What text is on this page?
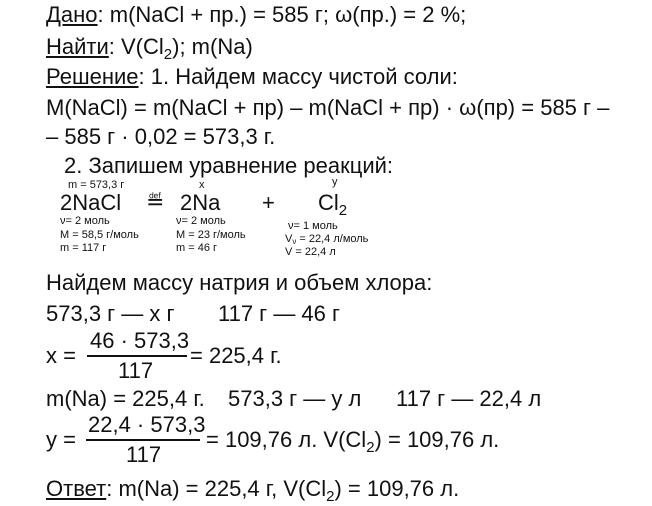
Дано: m(NaCl + пр.) = 585 г; ω(пр.) = 2 %;
Найти: $V(Cl_2)$; m(Na)
Решение: 1. Найдем массу чистой соли:
M(NaCl) = m(NaCl + пр) – m(NaCl + пр) · ω(пр) = 585 г –
– 585 г · 0,02 = 573,3 г.
2. Запишем уравнение реакций:
m = 573,3 г
2NaCl
ν= 2 моль
M = 58,5 г/моль
m = 117 г
≝
x
2Na
ν= 2 моль
M = 23 г/моль
m = 46 г
+
y
$Cl_2$
ν= 1 моль
$V_\nu = 22,4$ л/моль
V = 22,4 л
Найдем массу натрия и объем хлора:
573,3 г — х г 117 г — 46 г
x =
46 · 573,3
117
= 225,4 г.
m(Na) = 225,4 г. 573,3 г — у л 117 г — 22,4 л
y =
22,4 · 573,3
117
= 109,76 л. $V(Cl_2) = 109,76$ л.
Ответ: m(Na) = 225,4 г, $V(Cl_2) = 109,76$ л.
